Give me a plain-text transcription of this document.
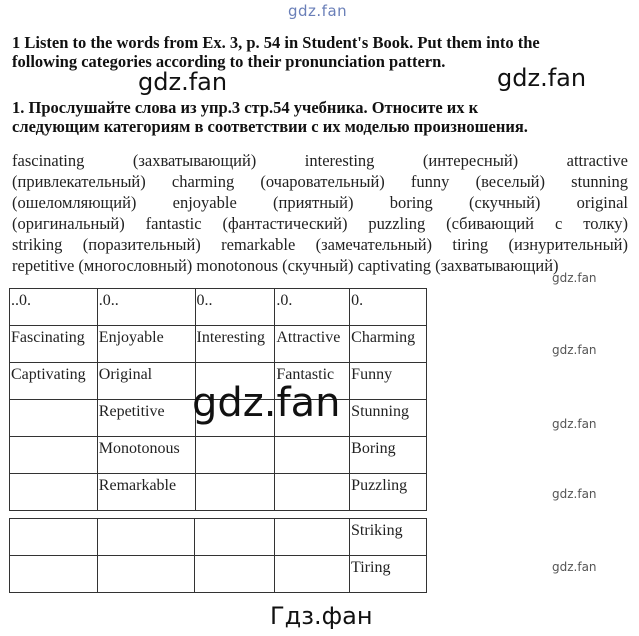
gdz.fan
1 Listen to the words from Ex. 3, p. 54 in Student's Book. Put them into the
following categories according to their pronunciation pattern.
gdz.fan	gdz.fan
1. Прослушайте слова из упр.3 стр.54 учебника. Относите их к
следующим категориям в соответствии с их моделью произношения.
fascinating (захватывающий) interesting (интересный) attractive
(привлекательный) charming (очаровательный) funny (веселый) stunning
(ошеломляющий) enjoyable (приятный) boring (скучный) original
(оригинальный) fantastic (фантастический) puzzling (сбивающий с толку)
striking (поразительный) remarkable (замечательный) tiring (изнурительный)
repetitive (многословный) monotonous (скучный) captivating (захватывающий)
..0.	.0..	0..	.0.	0.

Fascinating	Enjoyable	Interesting	Attractive	Charming

Captivating	Original		Fantastic	Funny

	Repetitive			Stunning

	Monotonous			Boring

	Remarkable			Puzzling

				Striking

				Tiring
gdz.fan
gdz.fan
gdz.fan
gdz.fan
gdz.fan
gdz.fan
Гдз.фан
